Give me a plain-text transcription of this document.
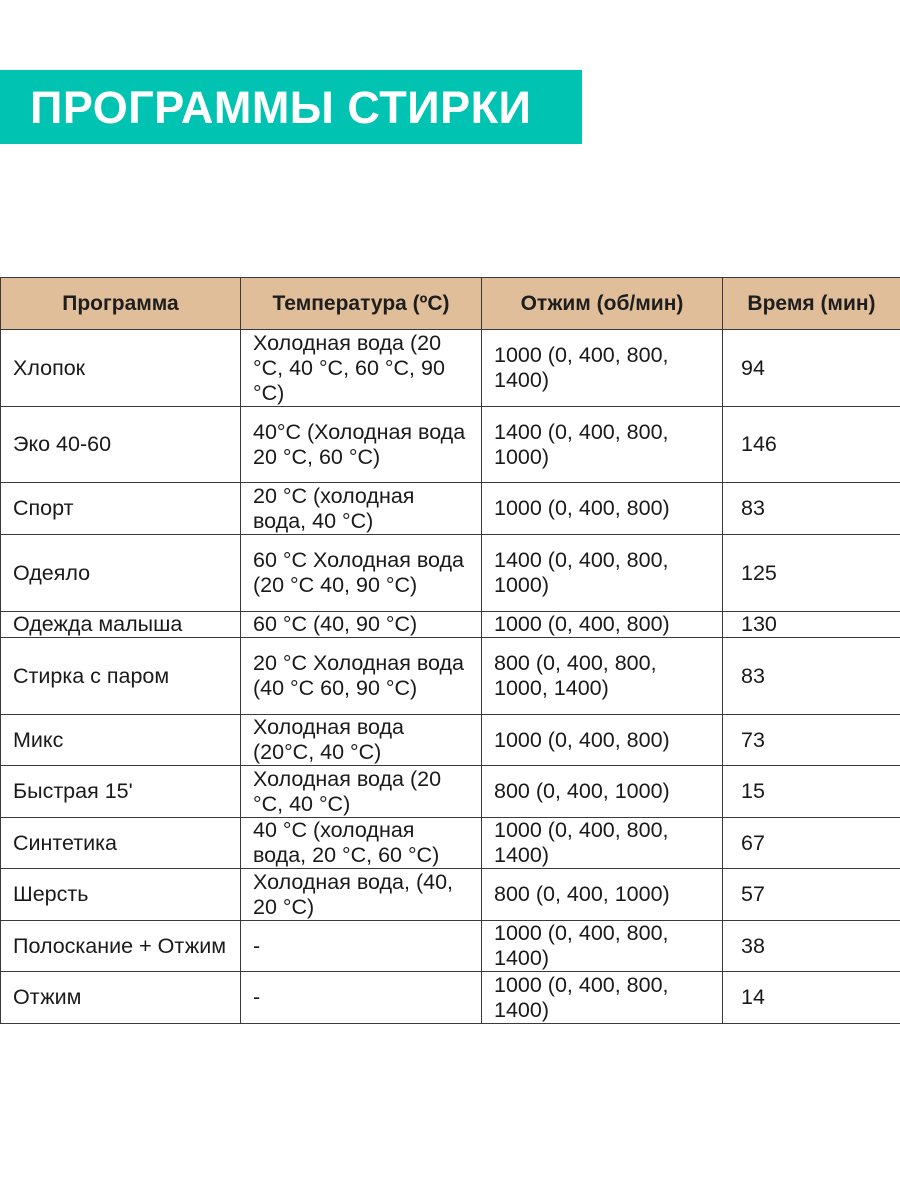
ПРОГРАММЫ СТИРКИ
Программа	Температура (ºC)	Отжим (об/мин)	Время (мин)
Хлопок	Холодная вода (20 °C, 40 °C, 60 °C, 90 °C)	1000 (0, 400, 800, 1400)	94
Эко 40-60	40°C (Холодная вода 20 °C, 60 °C)	1400 (0, 400, 800, 1000)	146
Спорт	20 °C (холодная вода, 40 °C)	1000 (0, 400, 800)	83
Одеяло	60 °C Холодная вода (20 °C 40, 90 °C)	1400 (0, 400, 800, 1000)	125
Одежда малыша	60 °C (40, 90 °C)	1000 (0, 400, 800)	130
Стирка с паром	20 °C Холодная вода (40 °C 60, 90 °C)	800 (0, 400, 800, 1000, 1400)	83
Микс	Холодная вода (20°C, 40 °C)	1000 (0, 400, 800)	73
Быстрая 15'	Холодная вода (20 °C, 40 °C)	800 (0, 400, 1000)	15
Синтетика	40 °C (холодная вода, 20 °C, 60 °C)	1000 (0, 400, 800, 1400)	67
Шерсть	Холодная вода, (40, 20 °C)	800 (0, 400, 1000)	57
Полоскание + Отжим	-	1000 (0, 400, 800, 1400)	38
Отжим	-	1000 (0, 400, 800, 1400)	14
